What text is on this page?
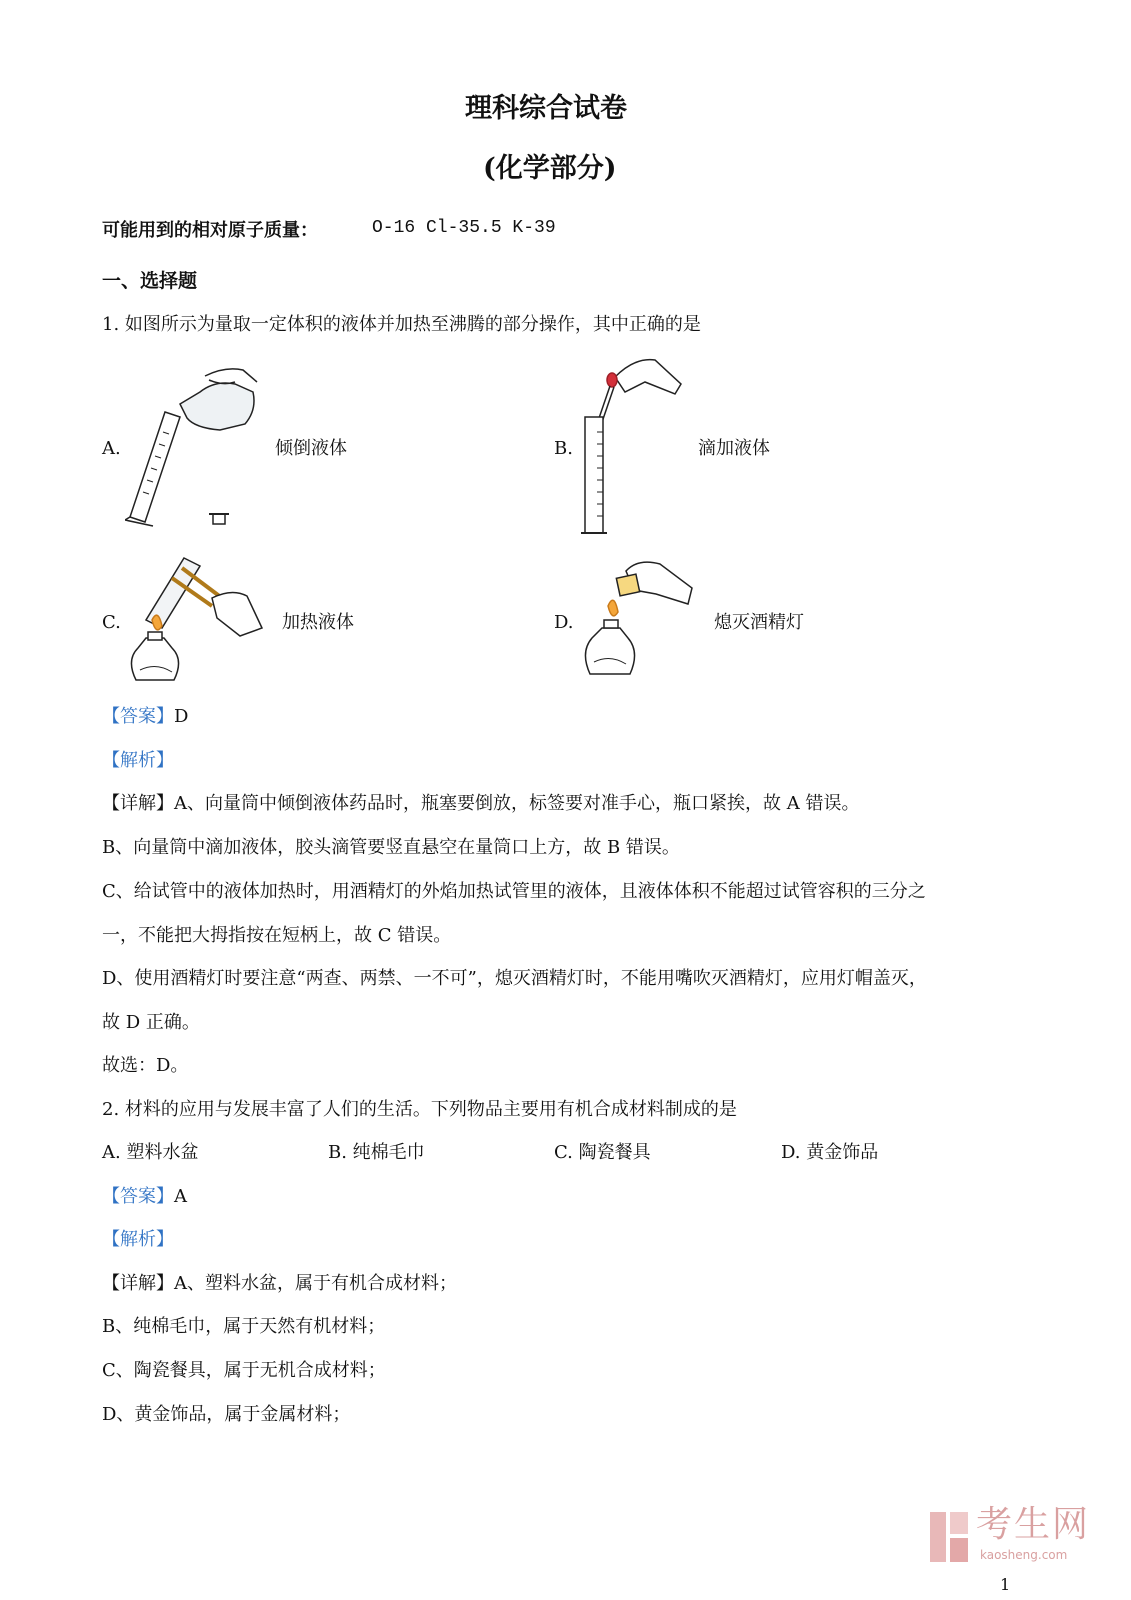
理科综合试卷
(化学部分)
可能用到的相对原子质量：	O-16 Cl-35.5 K-39
一、选择题
1. 如图所示为量取一定体积的液体并加热至沸腾的部分操作，其中正确的是
A.	倾倒液体	B.	滴加液体
C.	加热液体	D.	熄灭酒精灯
【答案】D
【解析】
【详解】A、向量筒中倾倒液体药品时，瓶塞要倒放，标签要对准手心，瓶口紧挨，故 A 错误。
B、向量筒中滴加液体，胶头滴管要竖直悬空在量筒口上方，故 B 错误。
C、给试管中的液体加热时，用酒精灯的外焰加热试管里的液体，且液体体积不能超过试管容积的三分之
一，不能把大拇指按在短柄上，故 C 错误。
D、使用酒精灯时要注意“两查、两禁、一不可”，熄灭酒精灯时，不能用嘴吹灭酒精灯，应用灯帽盖灭，
故 D 正确。
故选：D。
2. 材料的应用与发展丰富了人们的生活。下列物品主要用有机合成材料制成的是
A. 塑料水盆	B. 纯棉毛巾	C. 陶瓷餐具	D. 黄金饰品
【答案】A
【解析】
【详解】A、塑料水盆，属于有机合成材料；
B、纯棉毛巾，属于天然有机材料；
C、陶瓷餐具，属于无机合成材料；
D、黄金饰品，属于金属材料；
考生网
kaosheng.com
1
